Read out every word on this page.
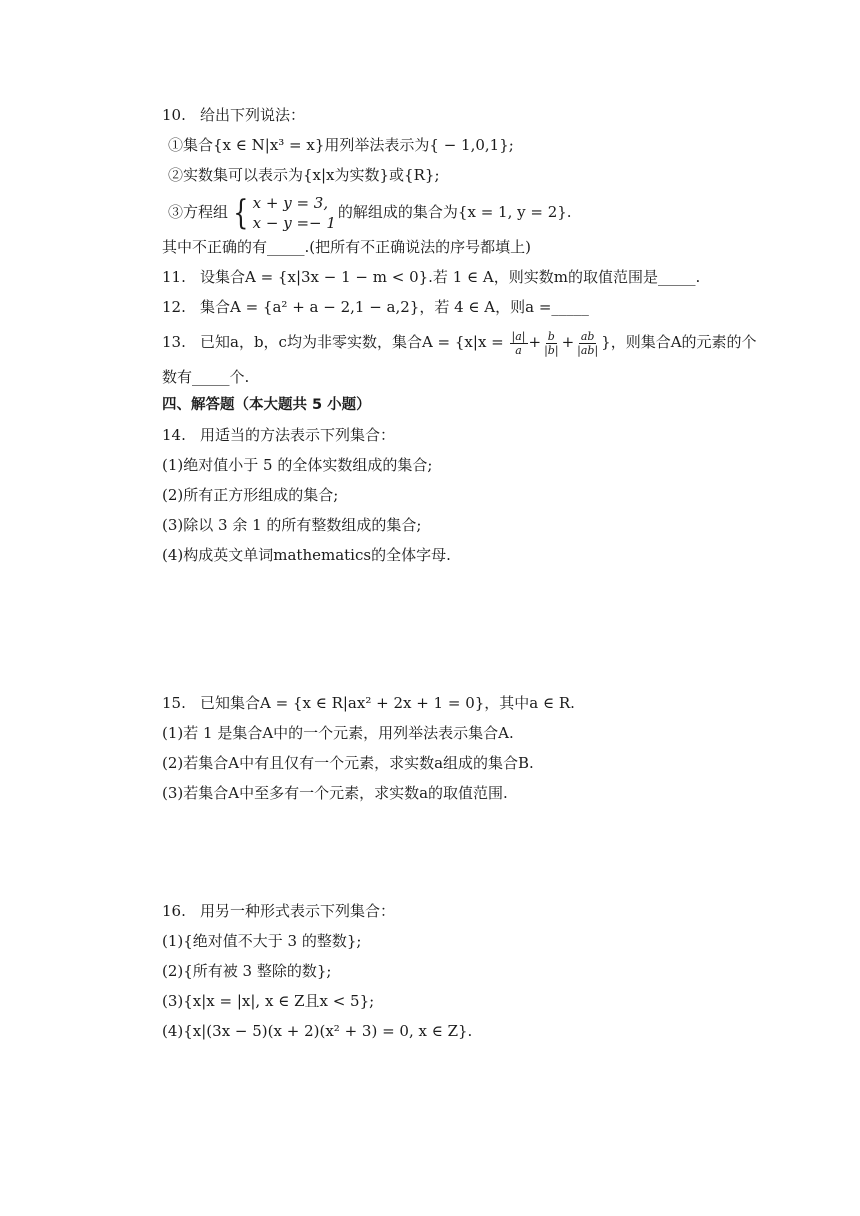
10. 给出下列说法：
①集合{x ∈ N|x³ = x}用列举法表示为{ − 1,0,1};
②实数集可以表示为{x|x为实数}或{R};
③方程组 { x + y = 3,
x − y =− 1
的解组成的集合为{x = 1, y = 2}.
其中不正确的有_____.(把所有不正确说法的序号都填上)
11. 设集合A = {x|3x − 1 − m < 0}.若 1 ∈ A，则实数m的取值范围是_____.
12. 集合A = {a² + a − 2,1 − a,2}，若 4 ∈ A，则a =_____
13. 已知a，b，c均为非零实数，集合$A = \{x|x = \frac{|a|}{a} + \frac{b}{|b|} + \frac{ab}{|ab|}$ }，则集合A的元素的个
数有_____个.
四、解答题（本大题共 5 小题）
14. 用适当的方法表示下列集合：
(1)绝对值小于 5 的全体实数组成的集合;
(2)所有正方形组成的集合;
(3)除以 3 余 1 的所有整数组成的集合;
(4)构成英文单词mathematics的全体字母.
15. 已知集合A = {x ∈ R|ax² + 2x + 1 = 0}，其中a ∈ R.
(1)若 1 是集合A中的一个元素，用列举法表示集合A.
(2)若集合A中有且仅有一个元素，求实数a组成的集合B.
(3)若集合A中至多有一个元素，求实数a的取值范围.
16. 用另一种形式表示下列集合：
(1){绝对值不大于 3 的整数};
(2){所有被 3 整除的数};
(3){x|x = |x|, x ∈ Z且x < 5};
(4){x|(3x − 5)(x + 2)(x² + 3) = 0, x ∈ Z}.
